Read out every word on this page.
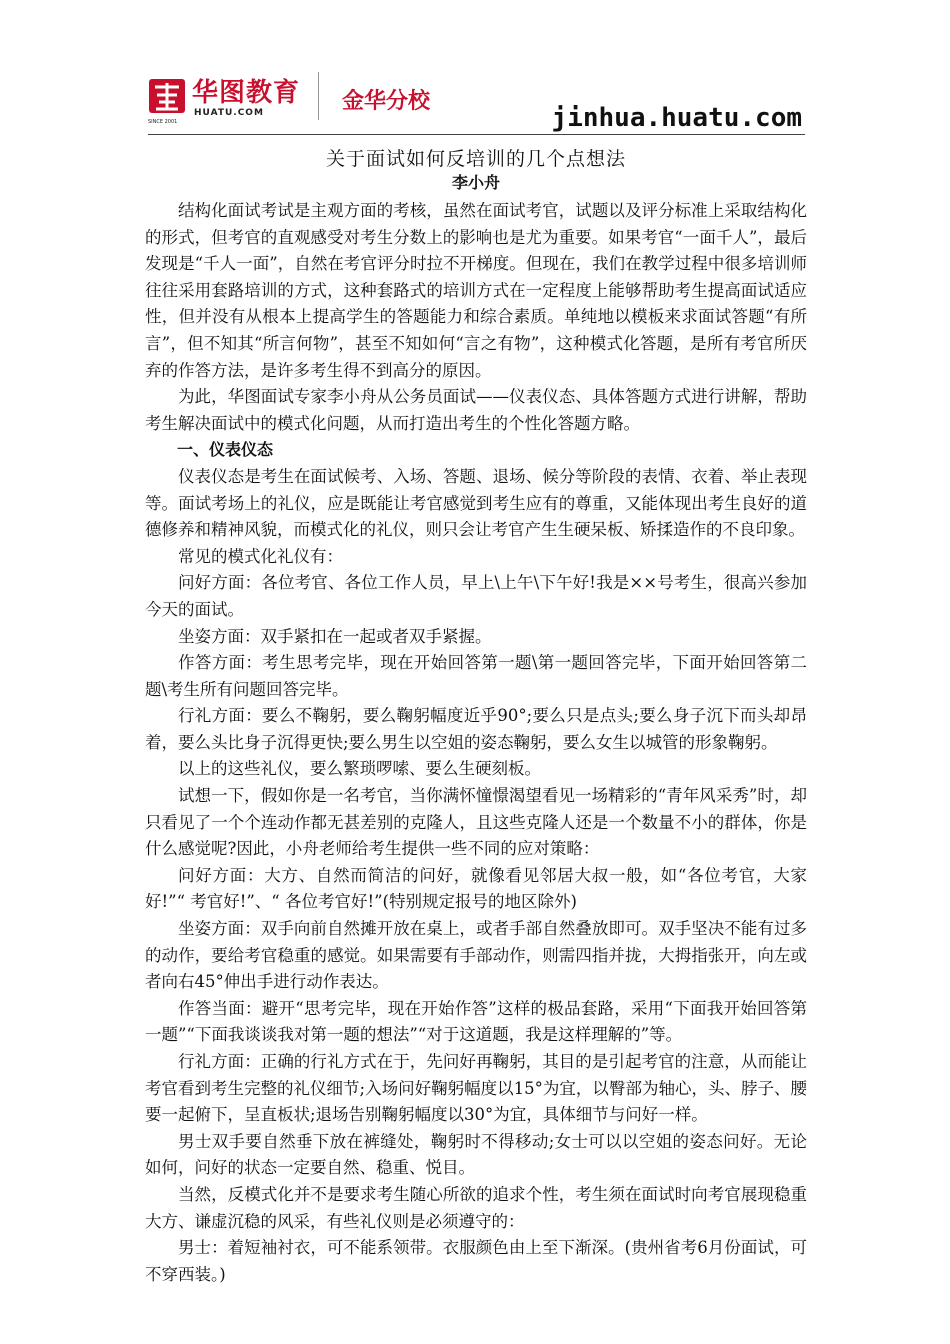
华图教育
HUATU.COM
SINCE 2001
金华分校
jinhua.huatu.com
关于面试如何反培训的几个点想法
李小舟

结构化面试考试是主观方面的考核，虽然在面试考官，试题以及评分标准上采取结构化的形式，但考官的直观感受对考生分数上的影响也是尤为重要。如果考官“一面千人”，最后发现是“千人一面”，自然在考官评分时拉不开梯度。但现在，我们在教学过程中很多培训师往往采用套路培训的方式，这种套路式的培训方式在一定程度上能够帮助考生提高面试适应性，但并没有从根本上提高学生的答题能力和综合素质。单纯地以模板来求面试答题“有所言”，但不知其“所言何物”，甚至不知如何“言之有物”，这种模式化答题，是所有考官所厌弃的作答方法，是许多考生得不到高分的原因。

为此，华图面试专家李小舟从公务员面试——仪表仪态、具体答题方式进行讲解，帮助考生解决面试中的模式化问题，从而打造出考生的个性化答题方略。

一、仪表仪态

仪表仪态是考生在面试候考、入场、答题、退场、候分等阶段的表情、衣着、举止表现等。面试考场上的礼仪，应是既能让考官感觉到考生应有的尊重，又能体现出考生良好的道德修养和精神风貌，而模式化的礼仪，则只会让考官产生生硬呆板、矫揉造作的不良印象。

常见的模式化礼仪有：

问好方面：各位考官、各位工作人员，早上\上午\下午好!我是××号考生，很高兴参加今天的面试。

坐姿方面：双手紧扣在一起或者双手紧握。

作答方面：考生思考完毕，现在开始回答第一题\第一题回答完毕，下面开始回答第二题\考生所有问题回答完毕。

行礼方面：要么不鞠躬，要么鞠躬幅度近乎90°;要么只是点头;要么身子沉下而头却昂着，要么头比身子沉得更快;要么男生以空姐的姿态鞠躬，要么女生以城管的形象鞠躬。

以上的这些礼仪，要么繁琐啰嗦、要么生硬刻板。

试想一下，假如你是一名考官，当你满怀憧憬渴望看见一场精彩的“青年风采秀”时，却只看见了一个个连动作都无甚差别的克隆人，且这些克隆人还是一个数量不小的群体，你是什么感觉呢?因此，小舟老师给考生提供一些不同的应对策略：

问好方面：大方、自然而简洁的问好，就像看见邻居大叔一般，如“各位考官，大家好!”“ 考官好!”、“ 各位考官好!”(特别规定报号的地区除外)

坐姿方面：双手向前自然摊开放在桌上，或者手部自然叠放即可。双手坚决不能有过多的动作，要给考官稳重的感觉。如果需要有手部动作，则需四指并拢，大拇指张开，向左或者向右45°伸出手进行动作表达。

作答当面：避开“思考完毕，现在开始作答”这样的极品套路，采用“下面我开始回答第一题”“下面我谈谈我对第一题的想法”“对于这道题，我是这样理解的”等。

行礼方面：正确的行礼方式在于，先问好再鞠躬，其目的是引起考官的注意，从而能让考官看到考生完整的礼仪细节;入场问好鞠躬幅度以15°为宜，以臀部为轴心，头、脖子、腰要一起俯下，呈直板状;退场告别鞠躬幅度以30°为宜，具体细节与问好一样。

男士双手要自然垂下放在裤缝处，鞠躬时不得移动;女士可以以空姐的姿态问好。无论如何，问好的状态一定要自然、稳重、悦目。

当然，反模式化并不是要求考生随心所欲的追求个性，考生须在面试时向考官展现稳重大方、谦虚沉稳的风采，有些礼仪则是必须遵守的：

男士：着短袖衬衣，可不能系领带。衣服颜色由上至下渐深。(贵州省考6月份面试，可不穿西装。)
